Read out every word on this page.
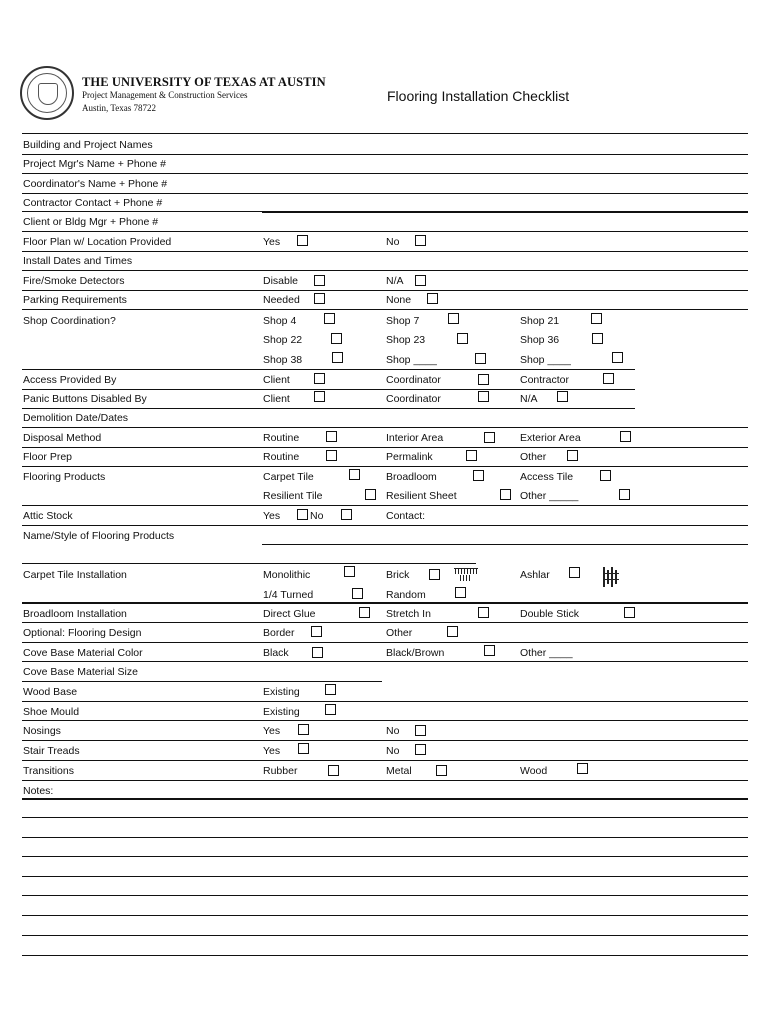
THE UNIVERSITY OF TEXAS AT AUSTIN
Project Management & Construction Services
Austin, Texas 78722
Flooring Installation Checklist
Building and Project Names
Project Mgr's Name + Phone #
Coordinator's Name + Phone #
Contractor Contact + Phone #
Client or Bldg Mgr + Phone #
Floor Plan w/ Location Provided	Yes	No
Install Dates and Times
Fire/Smoke Detectors	Disable	N/A
Parking Requirements	Needed	None
Shop Coordination?	Shop 4	Shop 7	Shop 21
Shop 22	Shop 23	Shop 36
Shop 38	Shop ____	Shop ____
Access Provided By	Client	Coordinator	Contractor
Panic Buttons Disabled By	Client	Coordinator	N/A
Demolition Date/Dates
Disposal Method	Routine	Interior Area	Exterior Area
Floor Prep	Routine	Permalink	Other
Flooring Products	Carpet Tile	Broadloom	Access Tile
Resilient Tile	Resilient Sheet	Other _____
Attic Stock	Yes	No	Contact:
Name/Style of Flooring Products
Carpet Tile Installation	Monolithic	Brick	Ashlar
1/4 Turned	Random
Broadloom Installation	Direct Glue	Stretch In	Double Stick
Optional: Flooring Design	Border	Other
Cove Base Material Color	Black	Black/Brown	Other ____
Cove Base Material Size
Wood Base	Existing
Shoe Mould	Existing
Nosings	Yes	No
Stair Treads	Yes	No
Transitions	Rubber	Metal	Wood
Notes:
